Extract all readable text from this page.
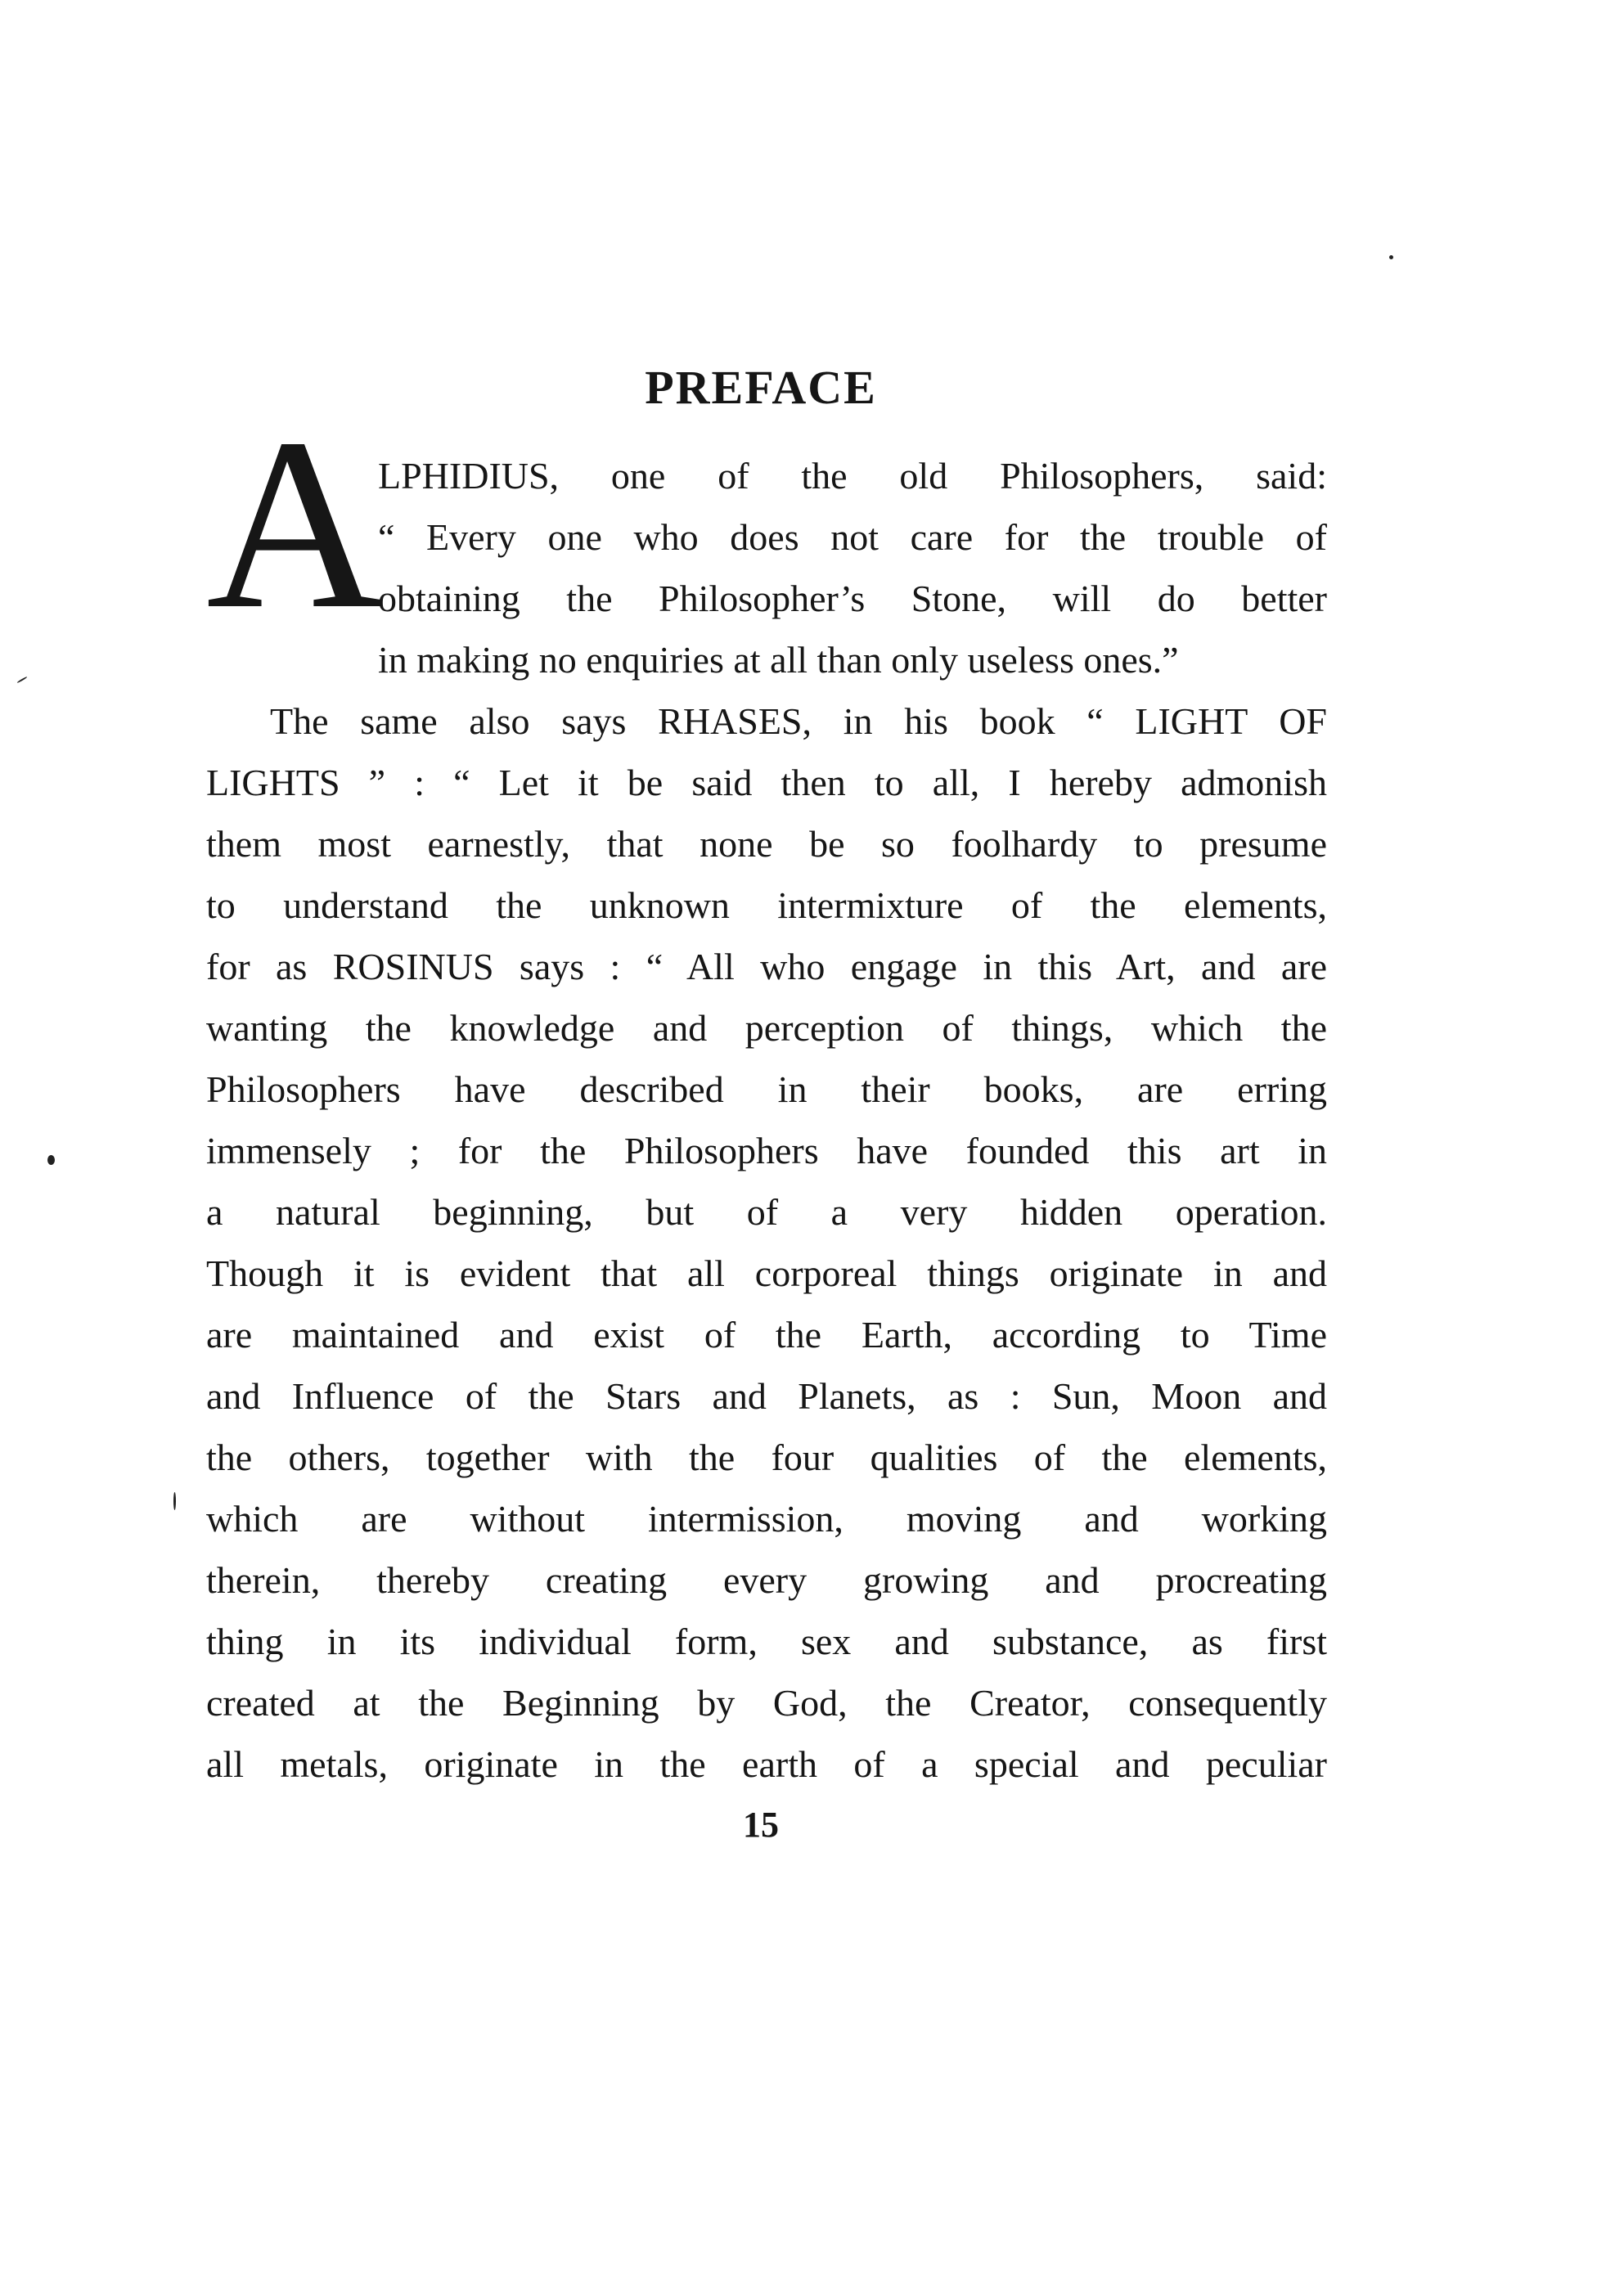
PREFACE
A
LPHIDIUS, one of the old Philosophers, said:
“ Every one who does not care for the trouble of
obtaining the Philosopher’s Stone, will do better
in making no enquiries at all than only useless ones.”
The same also says RHASES, in his book “ LIGHT OF
LIGHTS ” : “ Let it be said then to all, I hereby admonish
them most earnestly, that none be so foolhardy to presume
to understand the unknown intermixture of the elements,
for as ROSINUS says : “ All who engage in this Art, and are
wanting the knowledge and perception of things, which the
Philosophers have described in their books, are erring
immensely ; for the Philosophers have founded this art in
a natural beginning, but of a very hidden operation.
Though it is evident that all corporeal things originate in and
are maintained and exist of the Earth, according to Time
and Influence of the Stars and Planets, as : Sun, Moon and
the others, together with the four qualities of the elements,
which are without intermission, moving and working
therein, thereby creating every growing and procreating
thing in its individual form, sex and substance, as first
created at the Beginning by God, the Creator, consequently
all metals, originate in the earth of a special and peculiar
15
